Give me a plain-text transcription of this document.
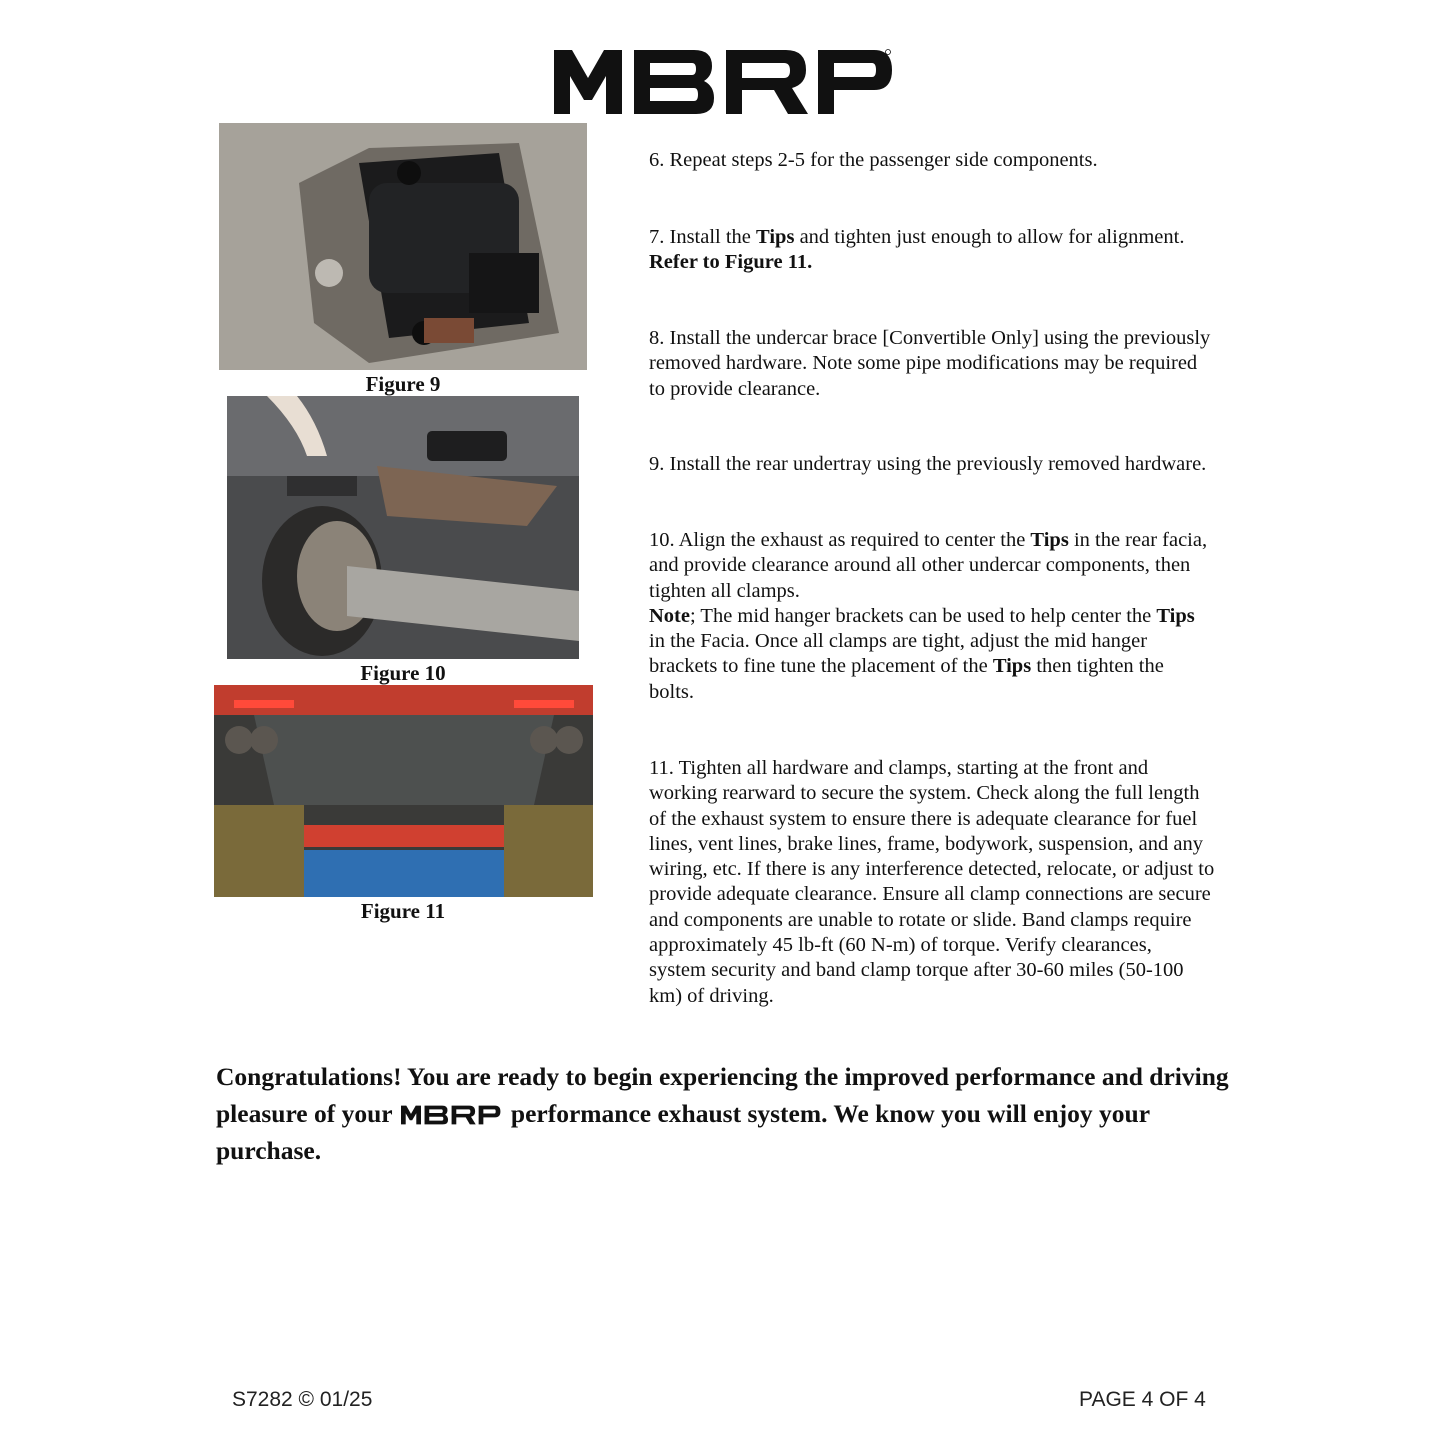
Figure 9
Figure 10
Figure 11

6. Repeat steps 2-5 for the passenger side components.

7. Install the Tips and tighten just enough to allow for alignment.
Refer to Figure 11.

8. Install the undercar brace [Convertible Only] using the previously
removed hardware. Note some pipe modifications may be required
to provide clearance.

9. Install the rear undertray using the previously removed hardware.

10. Align the exhaust as required to center the Tips in the rear facia,
and provide clearance around all other undercar components, then
tighten all clamps.
Note; The mid hanger brackets can be used to help center the Tips
in the Facia. Once all clamps are tight, adjust the mid hanger
brackets to fine tune the placement of the Tips then tighten the
bolts.

11. Tighten all hardware and clamps, starting at the front and
working rearward to secure the system. Check along the full length
of the exhaust system to ensure there is adequate clearance for fuel
lines, vent lines, brake lines, frame, bodywork, suspension, and any
wiring, etc. If there is any interference detected, relocate, or adjust to
provide adequate clearance. Ensure all clamp connections are secure
and components are unable to rotate or slide. Band clamps require
approximately 45 lb-ft (60 N-m) of torque. Verify clearances,
system security and band clamp torque after 30-60 miles (50-100
km) of driving.

Congratulations! You are ready to begin experiencing the improved performance and driving
pleasure of your	performance exhaust system. We know you will enjoy your
purchase.

S7282 © 01/25	PAGE 4 OF 4
